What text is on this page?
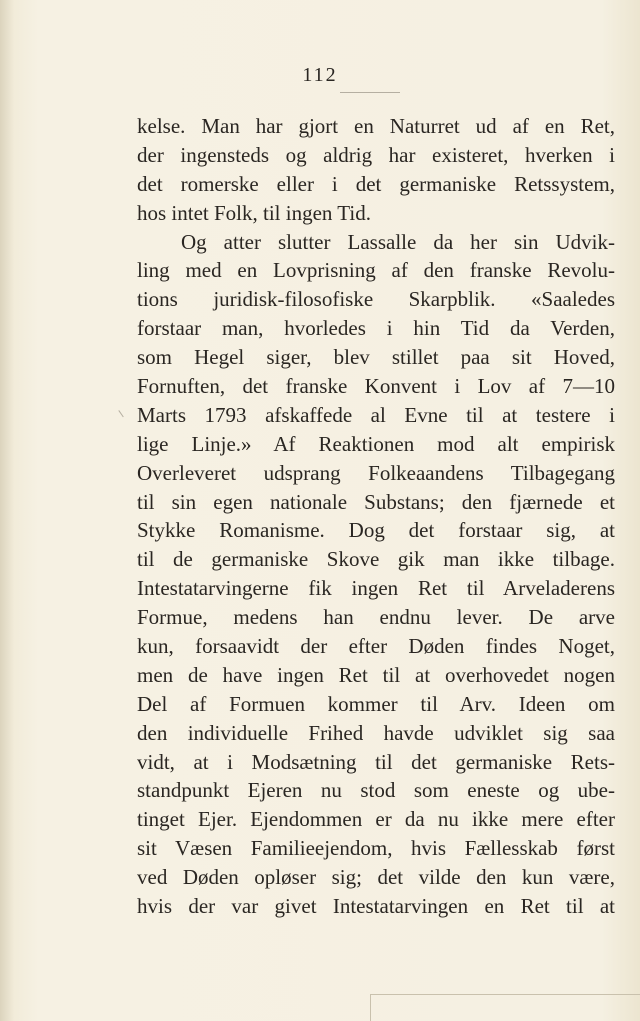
112
kelse. Man har gjort en Naturret ud af en Ret,
der ingensteds og aldrig har existeret, hverken i
det romerske eller i det germaniske Retssystem,
hos intet Folk, til ingen Tid.
Og atter slutter Lassalle da her sin Udvik-
ling med en Lovprisning af den franske Revolu-
tions juridisk-filosofiske Skarpblik. «Saaledes
forstaar man, hvorledes i hin Tid da Verden,
som Hegel siger, blev stillet paa sit Hoved,
Fornuften, det franske Konvent i Lov af 7—10
Marts 1793 afskaffede al Evne til at testere i
lige Linje.» Af Reaktionen mod alt empirisk
Overleveret udsprang Folkeaandens Tilbagegang
til sin egen nationale Substans; den fjærnede et
Stykke Romanisme. Dog det forstaar sig, at
til de germaniske Skove gik man ikke tilbage.
Intestatarvingerne fik ingen Ret til Arveladerens
Formue, medens han endnu lever. De arve
kun, forsaavidt der efter Døden findes Noget,
men de have ingen Ret til at overhovedet nogen
Del af Formuen kommer til Arv. Ideen om
den individuelle Frihed havde udviklet sig saa
vidt, at i Modsætning til det germaniske Rets-
standpunkt Ejeren nu stod som eneste og ube-
tinget Ejer. Ejendommen er da nu ikke mere efter
sit Væsen Familieejendom, hvis Fællesskab først
ved Døden opløser sig; det vilde den kun være,
hvis der var givet Intestatarvingen en Ret til at
